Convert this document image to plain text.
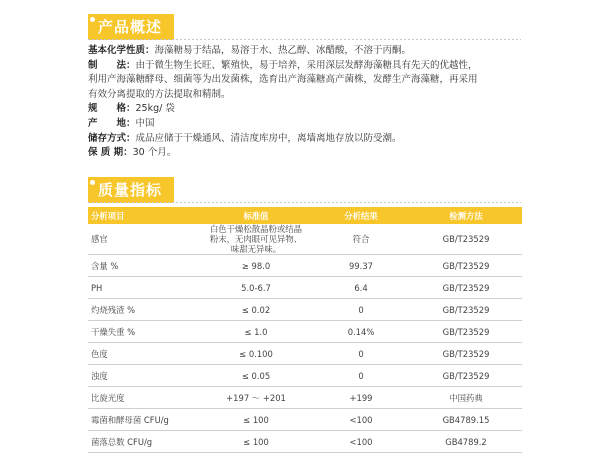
产品概述

基本化学性质：海藻糖易于结晶，易溶于水、热乙醇、冰醋酸，不溶于丙酮。

制　　法：由于微生物生长旺、繁殖快，易于培养，采用深层发酵海藻糖具有先天的优越性，

利用产海藻糖酵母、细菌等为出发菌株，选育出产海藻糖高产菌株，发酵生产海藻糖，再采用

有效分离提取的方法提取和精制。

规　　格：25kg/ 袋

产　　地：中国

储存方式：成品应储于干燥通风、清洁度库房中，离墙离地存放以防受潮。

保 质 期：30 个月。

质量指标
分析项目	标准值	分析结果	检测方法
感官	白色干燥松散晶粉或结晶粉末，无肉眼可见异物、味甜无异味。	符合	GB/T23529
含量 %	≥ 98.0	99.37	GB/T23529
PH	5.0-6.7	6.4	GB/T23529
灼烧残渣 %	≤ 0.02	0	GB/T23529
干燥失重 %	≤ 1.0	0.14%	GB/T23529
色度	≤ 0.100	0	GB/T23529
浊度	≤ 0.05	0	GB/T23529
比旋光度	+197 ～ +201	+199	中国药典
霉菌和酵母菌 CFU/g	≤ 100	<100	GB4789.15
菌落总数 CFU/g	≤ 100	<100	GB4789.2
